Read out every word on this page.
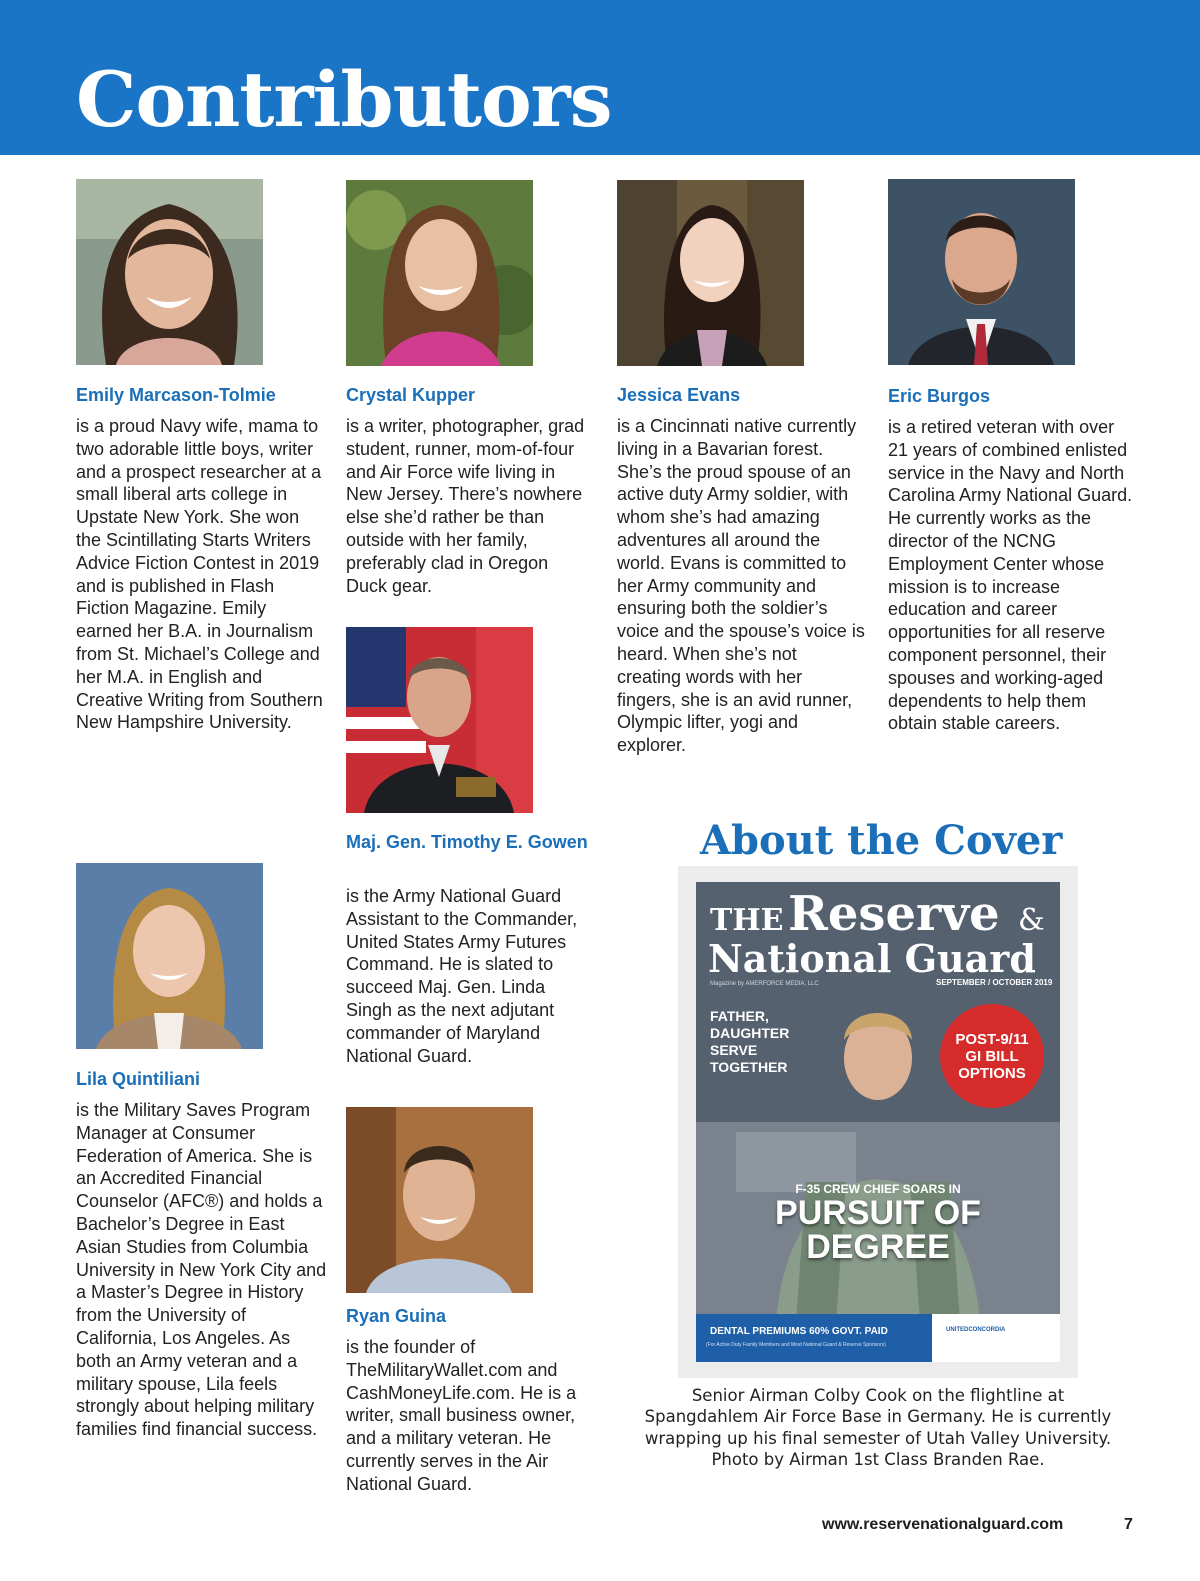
Contributors

Emily Marcason-Tolmie

is a proud Navy wife, mama to two adorable little boys, writer and a prospect researcher at a small liberal arts college in Upstate New York. She won the Scintillating Starts Writers Advice Fiction Contest in 2019 and is published in Flash Fiction Magazine. Emily earned her B.A. in Journalism from St. Michael’s College and her M.A. in English and Creative Writing from Southern New Hampshire University.

Crystal Kupper

is a writer, photographer, grad student, runner, mom-of-four and Air Force wife living in New Jersey. There’s nowhere else she’d rather be than outside with her family, preferably clad in Oregon Duck gear.

Jessica Evans

is a Cincinnati native currently living in a Bavarian forest. She’s the proud spouse of an active duty Army soldier, with whom she’s had amazing adventures all around the world. Evans is committed to her Army community and ensuring both the soldier’s voice and the spouse’s voice is heard. When she’s not creating words with her fingers, she is an avid runner, Olympic lifter, yogi and explorer.

Eric Burgos

is a retired veteran with over 21 years of combined enlisted service in the Navy and North Carolina Army National Guard. He currently works as the director of the NCNG Employment Center whose mission is to increase education and career opportunities for all reserve component personnel, their spouses and working-aged dependents to help them obtain stable careers.

Maj. Gen. Timothy E. Gowen

is the Army National Guard Assistant to the Commander, United States Army Futures Command. He is slated to succeed Maj. Gen. Linda Singh as the next adjutant commander of Maryland National Guard.

Lila Quintiliani

is the Military Saves Program Manager at Consumer Federation of America. She is an Accredited Financial Counselor (AFC®) and holds a Bachelor’s Degree in East Asian Studies from Columbia University in New York City and a Master’s Degree in History from the University of California, Los Angeles. As both an Army veteran and a military spouse, Lila feels strongly about helping military families find financial success.

Ryan Guina

is the founder of TheMilitaryWallet.com and CashMoneyLife.com. He is a writer, small business owner, and a military veteran. He currently serves in the Air National Guard.

About the Cover

THE Reserve &

National Guard

Magazine by AMERFORCE MEDIA, LLC	SEPTEMBER / OCTOBER 2019

FATHER,
DAUGHTER
SERVE
TOGETHER

POST-9/11
GI BILL
OPTIONS

F-35 CREW CHIEF SOARS IN

PURSUIT OF
DEGREE

DENTAL PREMIUMS 60% GOVT. PAID

(For Active Duty Family Members and Most National Guard & Reserve Sponsors)

UNITEDCONCORDIA

Senior Airman Colby Cook on the flightline at Spangdahlem Air Force Base in Germany. He is currently wrapping up his final semester of Utah Valley University. Photo by Airman 1st Class Branden Rae.

www.reservenationalguard.com	7
